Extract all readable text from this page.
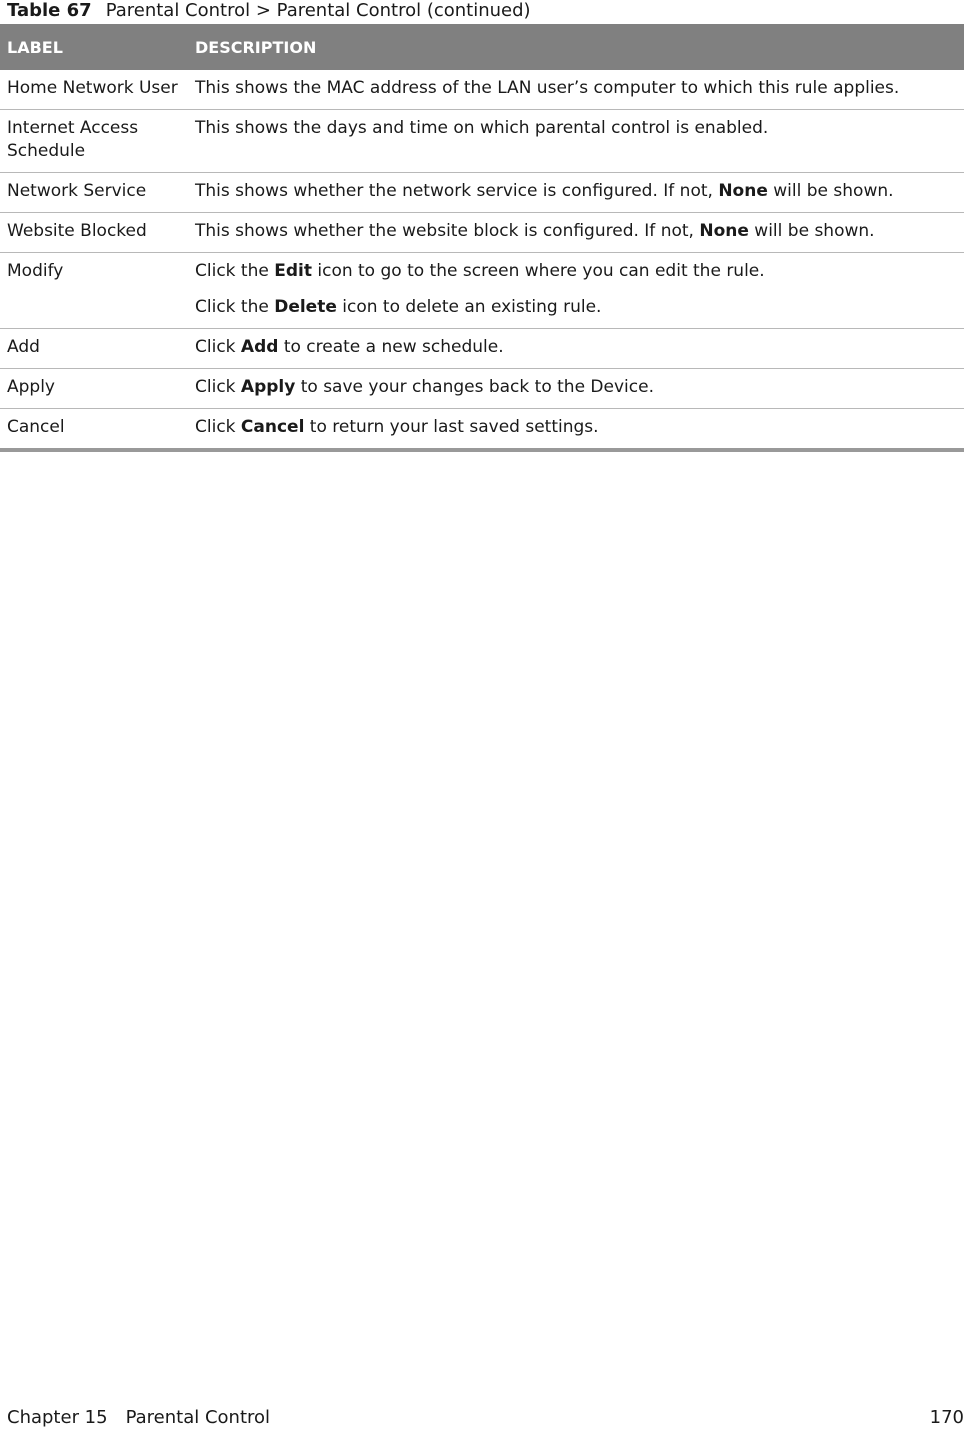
Table 67 Parental Control > Parental Control (continued)
LABEL	DESCRIPTION
Home Network User	This shows the MAC address of the LAN user’s computer to which this rule applies.

Internet Access Schedule	This shows the days and time on which parental control is enabled.

Network Service	This shows whether the network service is configured. If not, None will be shown.

Website Blocked	This shows whether the website block is configured. If not, None will be shown.

Modify	Click the Edit icon to go to the screen where you can edit the rule.

Click the Delete icon to delete an existing rule.

Add	Click Add to create a new schedule.

Apply	Click Apply to save your changes back to the Device.

Cancel	Click Cancel to return your last saved settings.

Chapter 15 Parental Control	170
